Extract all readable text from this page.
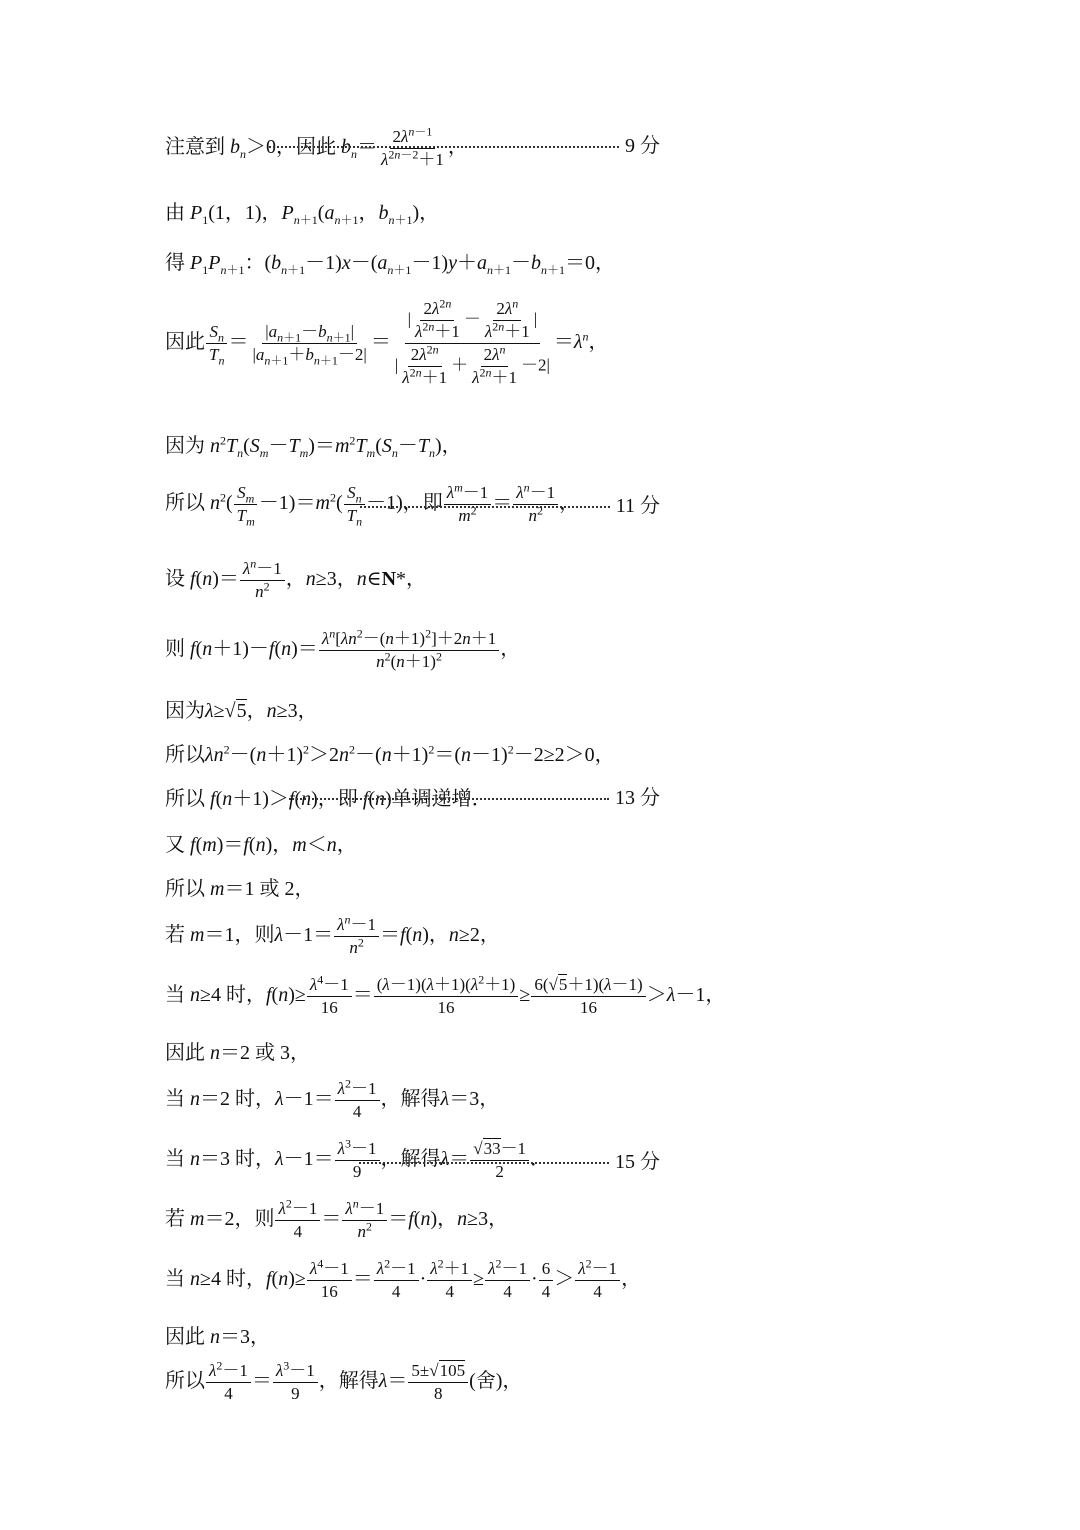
注意到 $b_n>0$，因此 $b_n= \frac{2\lambda^{n-1}}{\lambda^{2n-2}+1}$ ，	9 分
由 $P_1(1$，1)，$P_{n+1}(a_{n+1}$，$b_{n+1}$)，
得 $P_1P_{n+1}$：$(b_{n+1}-1)x-(a_{n+1}-1)y+a_{n+1}-b_{n+1}=0$，
因此 $\frac{S_n}{T_n} = \frac{|a_{n+1}-b_{n+1}|}{|a_{n+1}+b_{n+1}-2|} = \frac{| \frac{2\lambda^{2n}}{\lambda^{2n}+1} - \frac{2\lambda^n}{\lambda^{2n}+1} |}{| \frac{2\lambda^{2n}}{\lambda^{2n}+1} + \frac{2\lambda^n}{\lambda^{2n}+1} -2|} =\lambda^n$，
因为 $n^2T_n(S_m-T_m)=m^2T_m(S_n-T_n)$，
所以 $n^2( \frac{S_m}{T_m} -1)=m^2( \frac{S_n}{T_n} -1)$，即 $\frac{\lambda^m-1}{m^2} = \frac{\lambda^n-1}{n^2}$ ，	11 分
设 $f(n)= \frac{\lambda^n-1}{n^2}$ ，n≥3，n∈N*，
则 $f(n+1)-f(n)= \frac{\lambda^n[\lambda n^2-(n+1)^2]+2n+1}{n^2(n+1)^2}$ ，
因为λ≥√5，n≥3，
所以$\lambda n^2-(n+1)^2>2n^2-(n+1)^2=(n-1)^2-2\ge 2>0$，
所以 f(n＋1)＞f(n)，即 f(n)单调递增．	13 分
又 f(m)＝f(n)，m＜n，
所以 m＝1 或 2，
若 m＝1，则$\lambda-1= \frac{\lambda^n-1}{n^2} =f(n)$，n≥2，
当 n≥4 时，$f(n)\ge \frac{\lambda^4-1}{16} = \frac{(\lambda-1)(\lambda+1)(\lambda^2+1)}{16} \ge \frac{6(√5+1)(\lambda-1)}{16} >\lambda-1$，
因此 n＝2 或 3，
当 n＝2 时，$\lambda-1= \frac{\lambda^2-1}{4}$ ，解得λ＝3，
当 n＝3 时，$\lambda-1= \frac{\lambda^3-1}{9}$ ，解得$\lambda= \frac{√33-1}{2}$ ．	15 分
若 m＝2，则 $\frac{\lambda^2-1}{4} = \frac{\lambda^n-1}{n^2} =f(n)$，n≥3，
当 n≥4 时，$f(n)\ge \frac{\lambda^4-1}{16} = \frac{\lambda^2-1}{4} \cdot \frac{\lambda^2+1}{4} \ge \frac{\lambda^2-1}{4} \cdot \frac{6}{4} > \frac{\lambda^2-1}{4}$ ，
因此 n＝3，
所以 $\frac{\lambda^2-1}{4} = \frac{\lambda^3-1}{9}$ ，解得$\lambda= \frac{5\pm√105}{8}$ (舍)，
